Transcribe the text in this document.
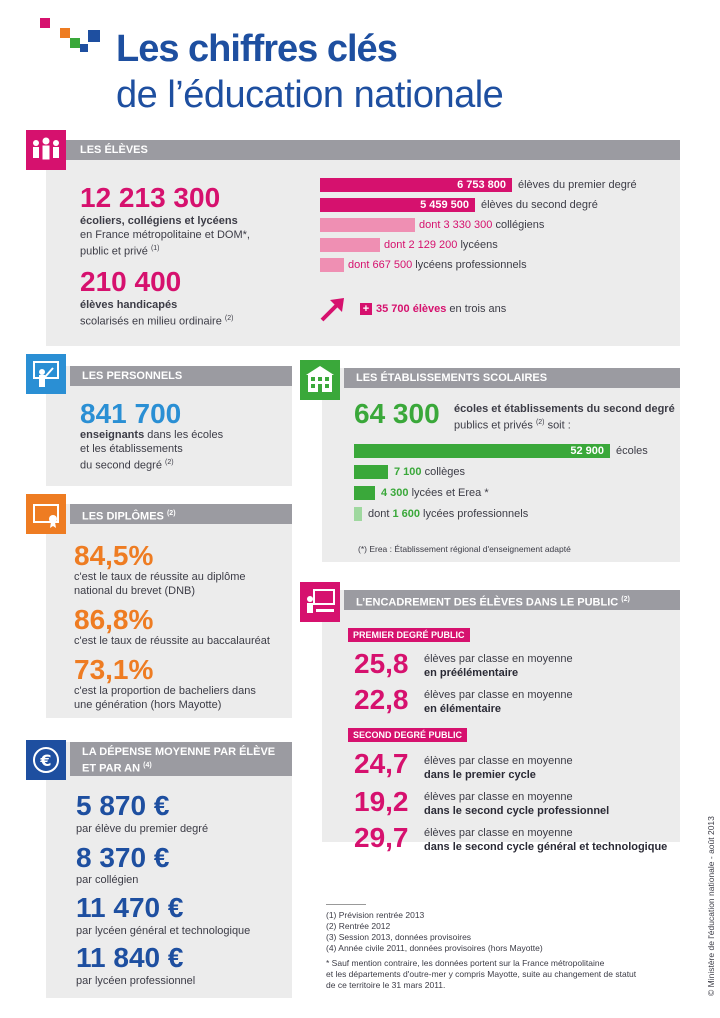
Les chiffres clés
de l’éducation nationale
LES ÉLÈVES
12 213 300
écoliers, collégiens et lycéens
en France métropolitaine et DOM*,
public et privé $^{(1)}$
210 400
élèves handicapés
scolarisés en milieu ordinaire $^{(2)}$
6 753 800 élèves du premier degré
5 459 500 élèves du second degré
dont 3 330 300 collégiens
dont 2 129 200 lycéens
dont 667 500 lycéens professionnels
+ 35 700 élèves en trois ans
LES PERSONNELS
841 700
enseignants dans les écoles
et les établissements
du second degré $^{(2)}$
LES ÉTABLISSEMENTS SCOLAIRES
64 300 écoles et établissements du second degré
publics et privés $^{(2)}$ soit :
52 900 écoles
7 100 collèges
4 300 lycées et Erea *
dont 1 600 lycées professionnels
(*) Erea : Établissement régional d'enseignement adapté
LES DIPLÔMES $^{(2)}$
84,5%
c'est le taux de réussite au diplôme
national du brevet (DNB)
86,8%
c'est le taux de réussite au baccalauréat
73,1%
c'est la proportion de bacheliers dans
une génération (hors Mayotte)
L’ENCADREMENT DES ÉLÈVES DANS LE PUBLIC $^{(2)}$
PREMIER DEGRÉ PUBLIC
25,8 élèves par classe en moyenne
en préélémentaire
22,8 élèves par classe en moyenne
en élémentaire
SECOND DEGRÉ PUBLIC
24,7 élèves par classe en moyenne
dans le premier cycle
19,2 élèves par classe en moyenne
dans le second cycle professionnel
29,7 élèves par classe en moyenne
dans le second cycle général et technologique
LA DÉPENSE MOYENNE PAR ÉLÈVE
ET PAR AN $^{(4)}$
€
5 870 €
par élève du premier degré
8 370 €
par collégien
11 470 €
par lycéen général et technologique
11 840 €
par lycéen professionnel
(1) Prévision rentrée 2013
(2) Rentrée 2012
(3) Session 2013, données provisoires
(4) Année civile 2011, données provisoires (hors Mayotte)
* Sauf mention contraire, les données portent sur la France métropolitaine
et les départements d'outre-mer y compris Mayotte, suite au changement de statut
de ce territoire le 31 mars 2011.	© Ministère de l'éducation nationale - août 2013
